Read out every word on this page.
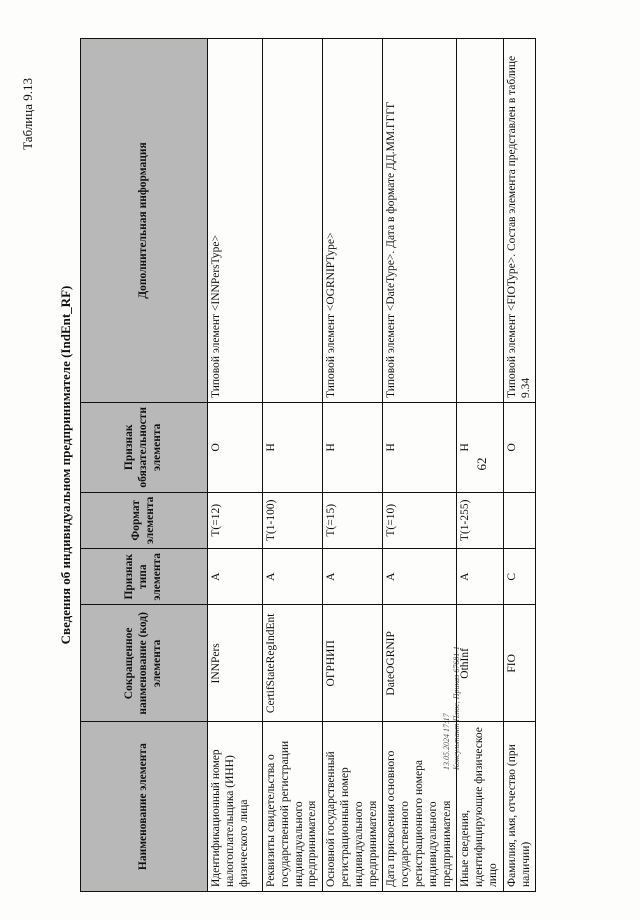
62
13.05.2024 17:17 Консультант Плюс, Приказ 67681-1
Таблица 9.13
Сведения об индивидуальном предпринимателе (IndEnt_RF)
Наименование элемента	Сокращенное наименование (код) элемента	Признак типа элемента	Формат элемента	Признак обязательности элемента	Дополнительная информация
Идентификационный номер налогоплательщика (ИНН) физического лица	INNPers	А	T(=12)	О	Типовой элемент <INNPersType>
Реквизиты свидетельства о государственной регистрации индивидуального предпринимателя	CertifStateRegIndEnt	А	T(1-100)	Н	
Основной государственный регистрационный номер индивидуального предпринимателя	ОГРНИП	А	T(=15)	Н	Типовой элемент <OGRNIPType>
Дата присвоения основного государственного регистрационного номера индивидуального предпринимателя	DateOGRNIP	А	T(=10)	Н	Типовой элемент <DateType>. Дата в формате ДД.ММ.ГГГГ
Иные сведения, идентифицирующие физическое лицо	OthInf	А	T(1-255)	Н	
Фамилия, имя, отчество (при наличии)	FIO	С		О	Типовой элемент <FIOType>. Состав элемента представлен в таблице 9.34
